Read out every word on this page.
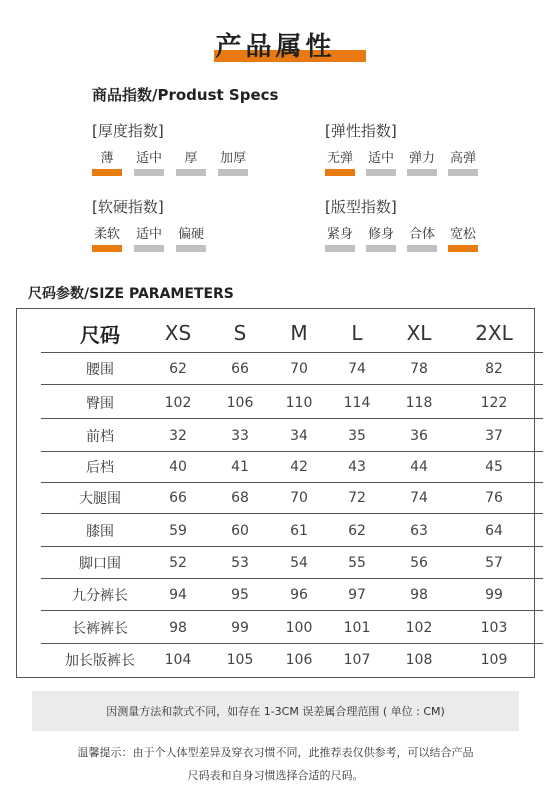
产品属性
商品指数/Produst Specs
[厚度指数]
薄	适中	厚	加厚
[弹性指数]
无弹 适中 弹力 高弹
[软硬指数]
柔软 适中 偏硬
[版型指数]
紧身 修身 合体 宽松
尺码参数/SIZE PARAMETERS
尺码	XS	S	M	L	XL	2XL
腰围	62	66	70	74	78	82
臀围	102	106	110	114	118	122
前档	32	33	34	35	36	37
后档	40	41	42	43	44	45
大腿围	66	68	70	72	74	76
膝围	59	60	61	62	63	64
脚口围	52	53	54	55	56	57
九分裤长	94	95	96	97	98	99
长裤裤长	98	99	100	101	102	103
加长版裤长	104	105	106	107	108	109
因测量方法和款式不同，如存在 1-3CM 误差属合理范围 ( 单位 : CM)
温馨提示：由于个人体型差异及穿衣习惯不同，此推荐表仅供参考，可以结合产品
尺码表和自身习惯选择合适的尺码。
